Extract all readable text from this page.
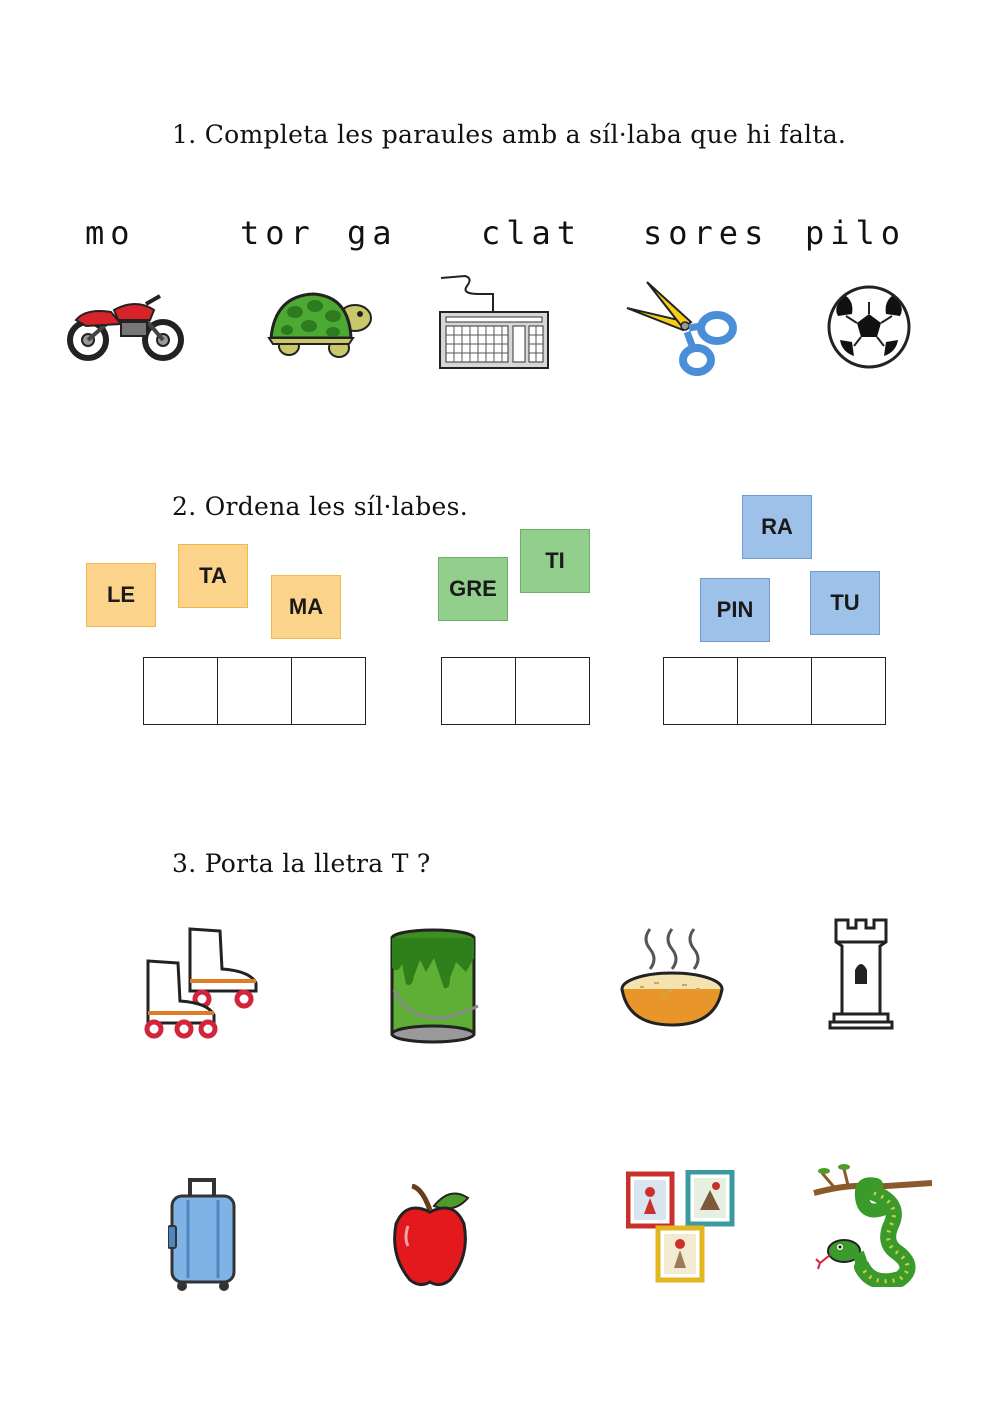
1. Completa les paraules amb a síl·laba que hi falta.
mo	tor ga	clat sores pilo
2. Ordena les síl·labes.
LE
TA
MA
GRE
TI
RA
PIN	TU
3. Porta la lletra T ?
